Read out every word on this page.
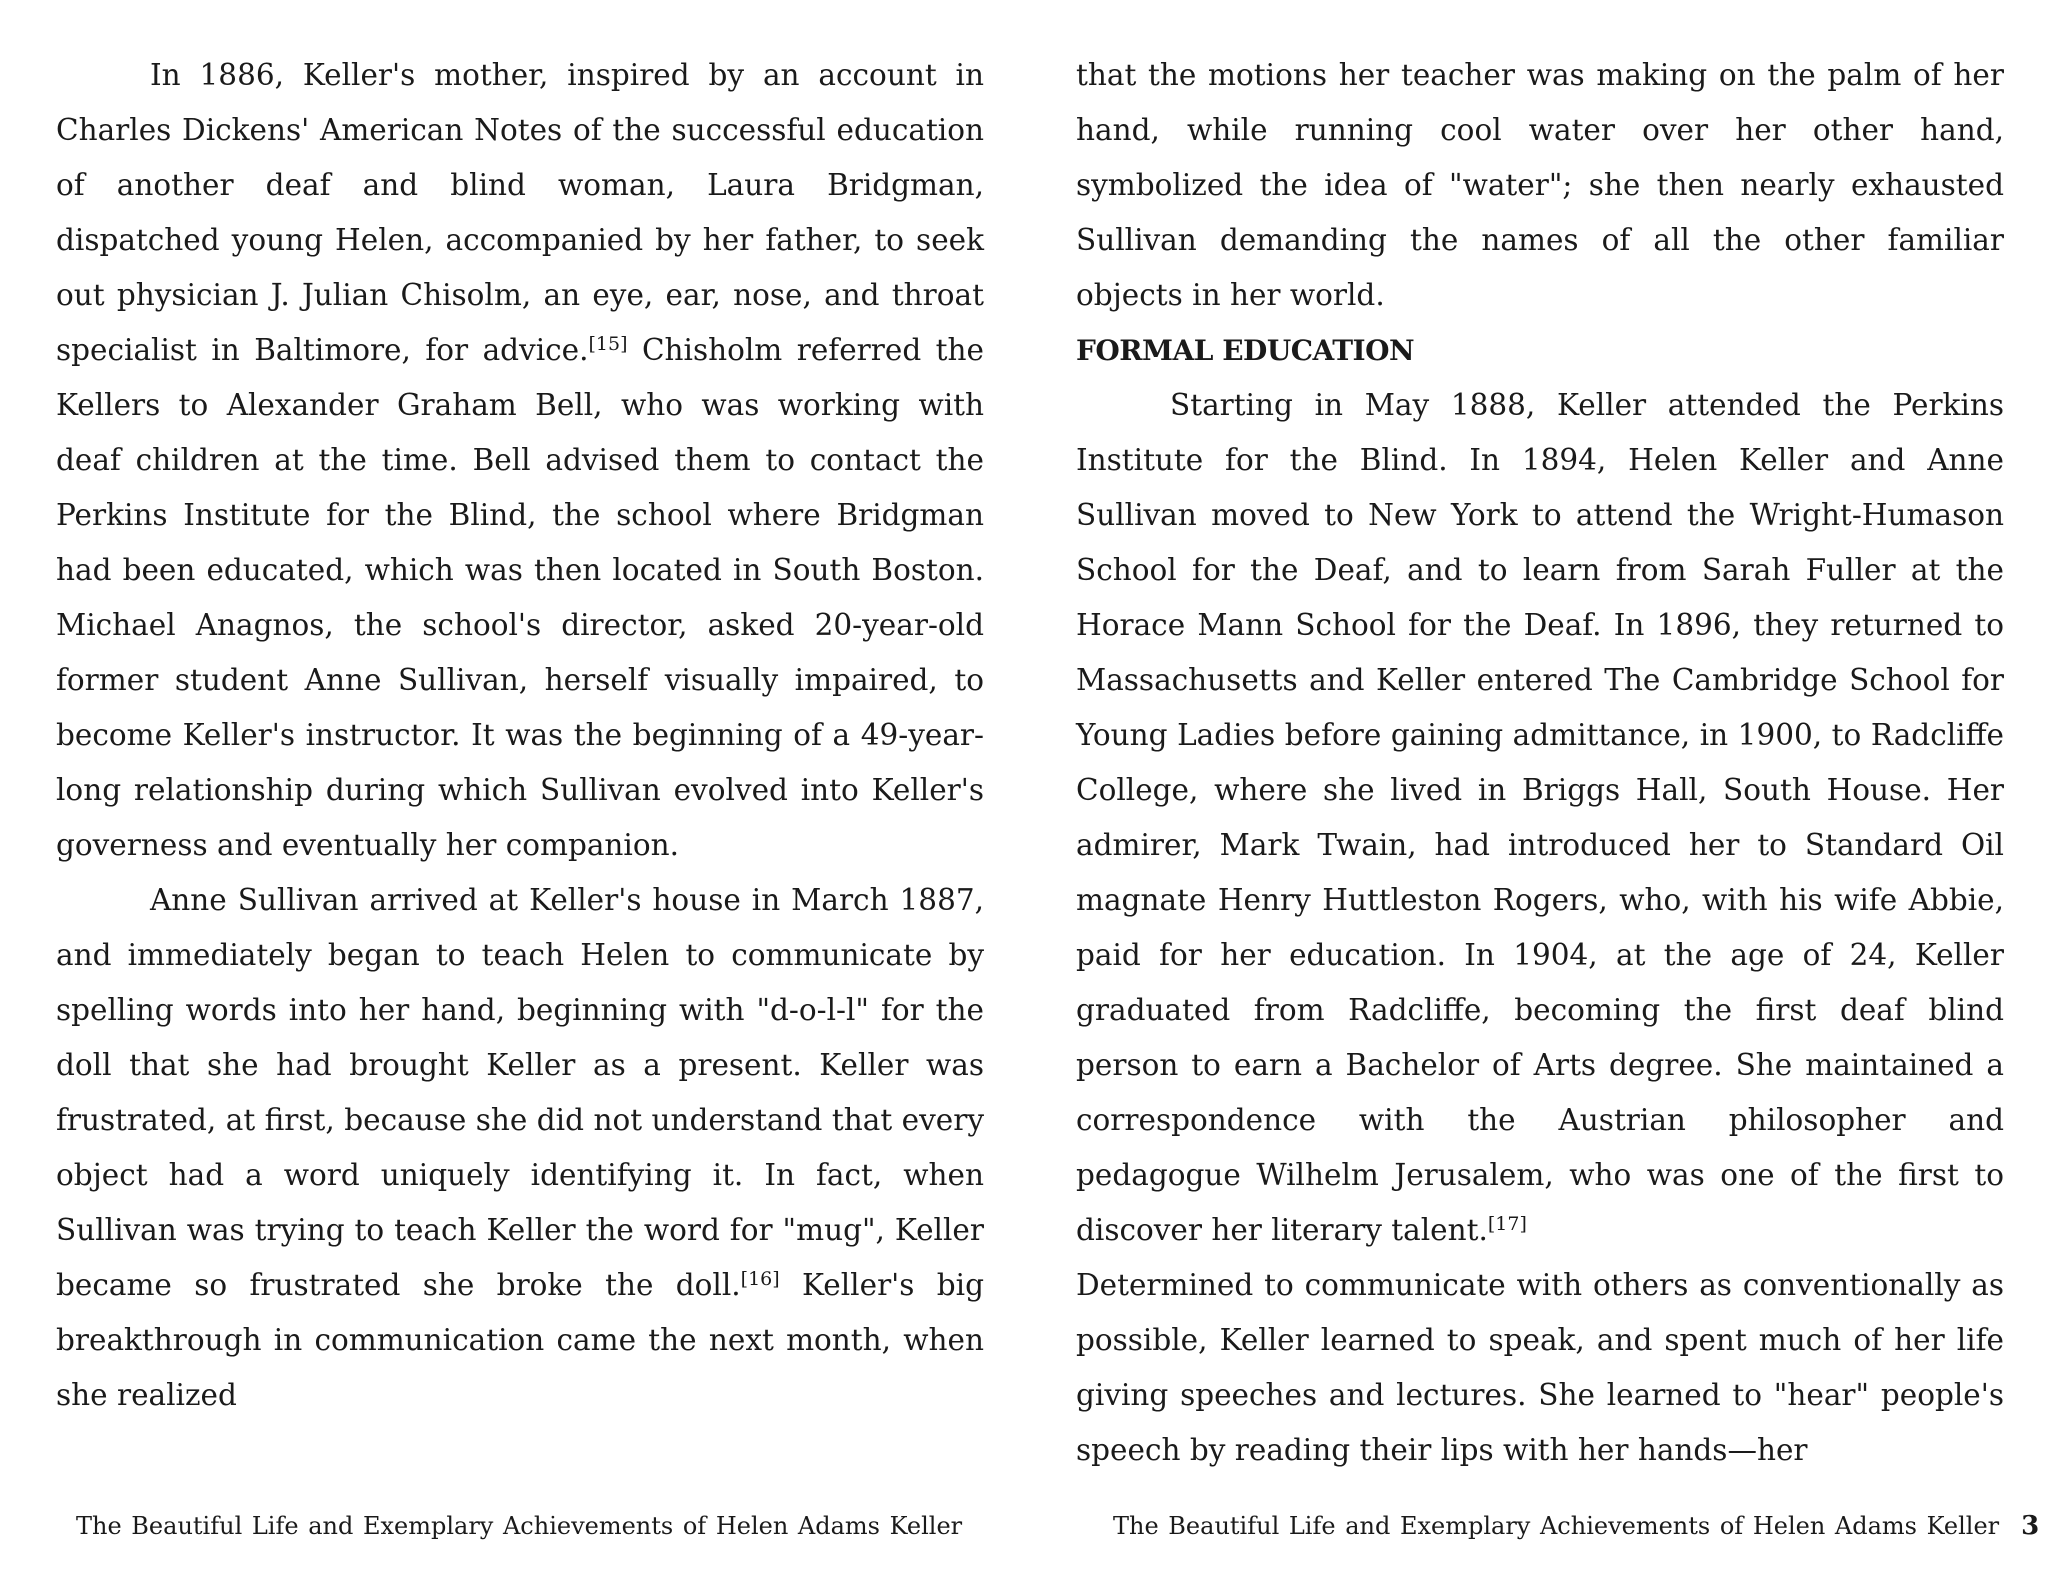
In 1886, Keller's mother, inspired by an account in Charles Dickens' American Notes of the successful education of another deaf and blind woman, Laura Bridgman, dispatched young Helen, accompanied by her father, to seek out physician J. Julian Chisolm, an eye, ear, nose, and throat specialist in Baltimore, for advice.[15] Chisholm referred the Kellers to Alexander Graham Bell, who was working with deaf children at the time. Bell advised them to contact the Perkins Institute for the Blind, the school where Bridgman had been educated, which was then located in South Boston. Michael Anagnos, the school's director, asked 20-year-old former student Anne Sullivan, herself visually impaired, to become Keller's instructor. It was the beginning of a 49-year-long relationship during which Sullivan evolved into Keller's governess and eventually her companion.

Anne Sullivan arrived at Keller's house in March 1887, and immediately began to teach Helen to communicate by spelling words into her hand, beginning with "d-o-l-l" for the doll that she had brought Keller as a present. Keller was frustrated, at first, because she did not understand that every object had a word uniquely identifying it. In fact, when Sullivan was trying to teach Keller the word for "mug", Keller became so frustrated she broke the doll.[16] Keller's big breakthrough in communication came the next month, when she realized

that the motions her teacher was making on the palm of her hand, while running cool water over her other hand, symbolized the idea of "water"; she then nearly exhausted Sullivan demanding the names of all the other familiar objects in her world.

FORMAL EDUCATION

Starting in May 1888, Keller attended the Perkins Institute for the Blind. In 1894, Helen Keller and Anne Sullivan moved to New York to attend the Wright-Humason School for the Deaf, and to learn from Sarah Fuller at the Horace Mann School for the Deaf. In 1896, they returned to Massachusetts and Keller entered The Cambridge School for Young Ladies before gaining admittance, in 1900, to Radcliffe College, where she lived in Briggs Hall, South House. Her admirer, Mark Twain, had introduced her to Standard Oil magnate Henry Huttleston Rogers, who, with his wife Abbie, paid for her education. In 1904, at the age of 24, Keller graduated from Radcliffe, becoming the first deaf blind person to earn a Bachelor of Arts degree. She maintained a correspondence with the Austrian philosopher and pedagogue Wilhelm Jerusalem, who was one of the first to discover her literary talent.[17]

Determined to communicate with others as conventionally as possible, Keller learned to speak, and spent much of her life giving speeches and lectures. She learned to "hear" people's speech by reading their lips with her hands—her

The Beautiful Life and Exemplary Achievements of Helen Adams Keller	The Beautiful Life and Exemplary Achievements of Helen Adams Keller 3
